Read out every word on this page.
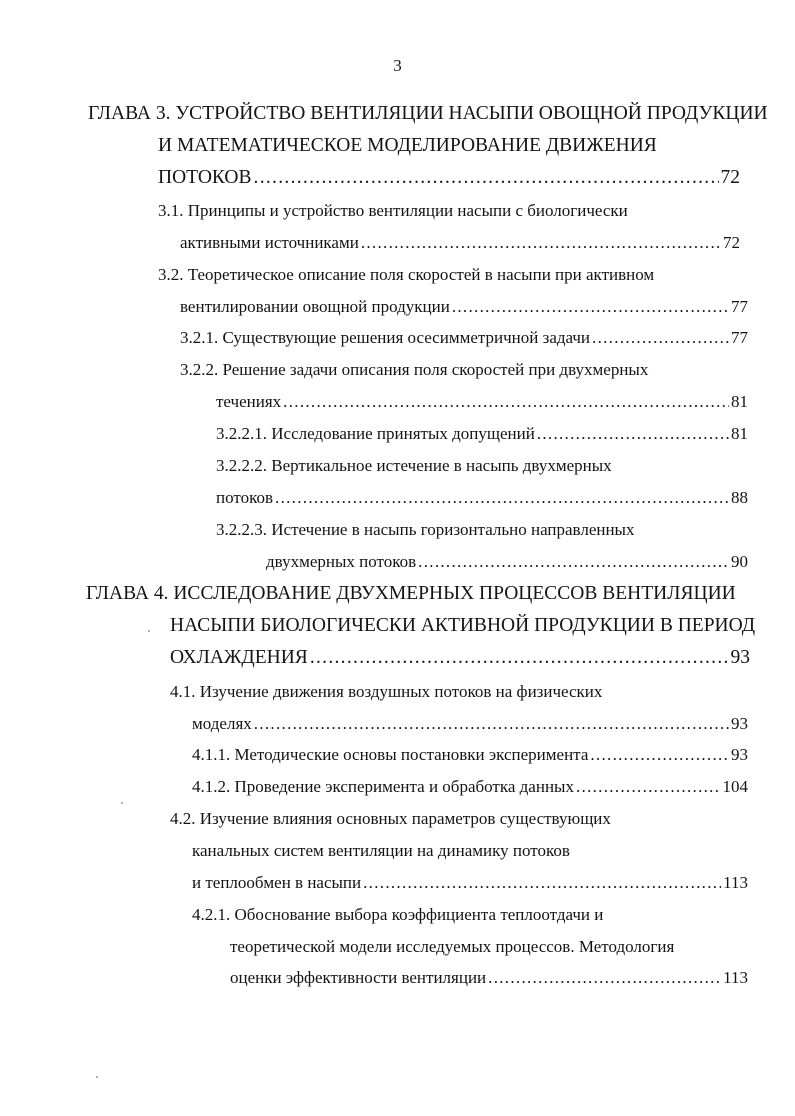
3
ГЛАВА 3. УСТРОЙСТВО ВЕНТИЛЯЦИИ НАСЫПИ ОВОЩНОЙ ПРОДУКЦИИ
И МАТЕМАТИЧЕСКОЕ МОДЕЛИРОВАНИЕ ДВИЖЕНИЯ
ПОТОКОВ .....	72
3.1. Принципы и устройство вентиляции насыпи с биологически
активными источниками .....	72
3.2. Теоретическое описание поля скоростей в насыпи при активном
вентилировании овощной продукции .....	77
3.2.1. Существующие решения осесимметричной задачи .....	77
3.2.2. Решение задачи описания поля скоростей при двухмерных
течениях .....	81
3.2.2.1. Исследование принятых допущений .....	81
3.2.2.2. Вертикальное истечение в насыпь двухмерных
потоков .....	88
3.2.2.3. Истечение в насыпь горизонтально направленных
двухмерных потоков .....	90
ГЛАВА 4. ИССЛЕДОВАНИЕ ДВУХМЕРНЫХ ПРОЦЕССОВ ВЕНТИЛЯЦИИ
НАСЫПИ БИОЛОГИЧЕСКИ АКТИВНОЙ ПРОДУКЦИИ В ПЕРИОД
ОХЛАЖДЕНИЯ .....	93
4.1. Изучение движения воздушных потоков на физических
моделях .....	93
4.1.1. Методические основы постановки эксперимента .....	93
4.1.2. Проведение эксперимента и обработка данных .....	104
4.2. Изучение влияния основных параметров существующих
канальных систем вентиляции на динамику потоков
и теплообмен в насыпи .....	113
4.2.1. Обоснование выбора коэффициента теплоотдачи и
теоретической модели исследуемых процессов. Методология
оценки эффективности вентиляции .....	113
